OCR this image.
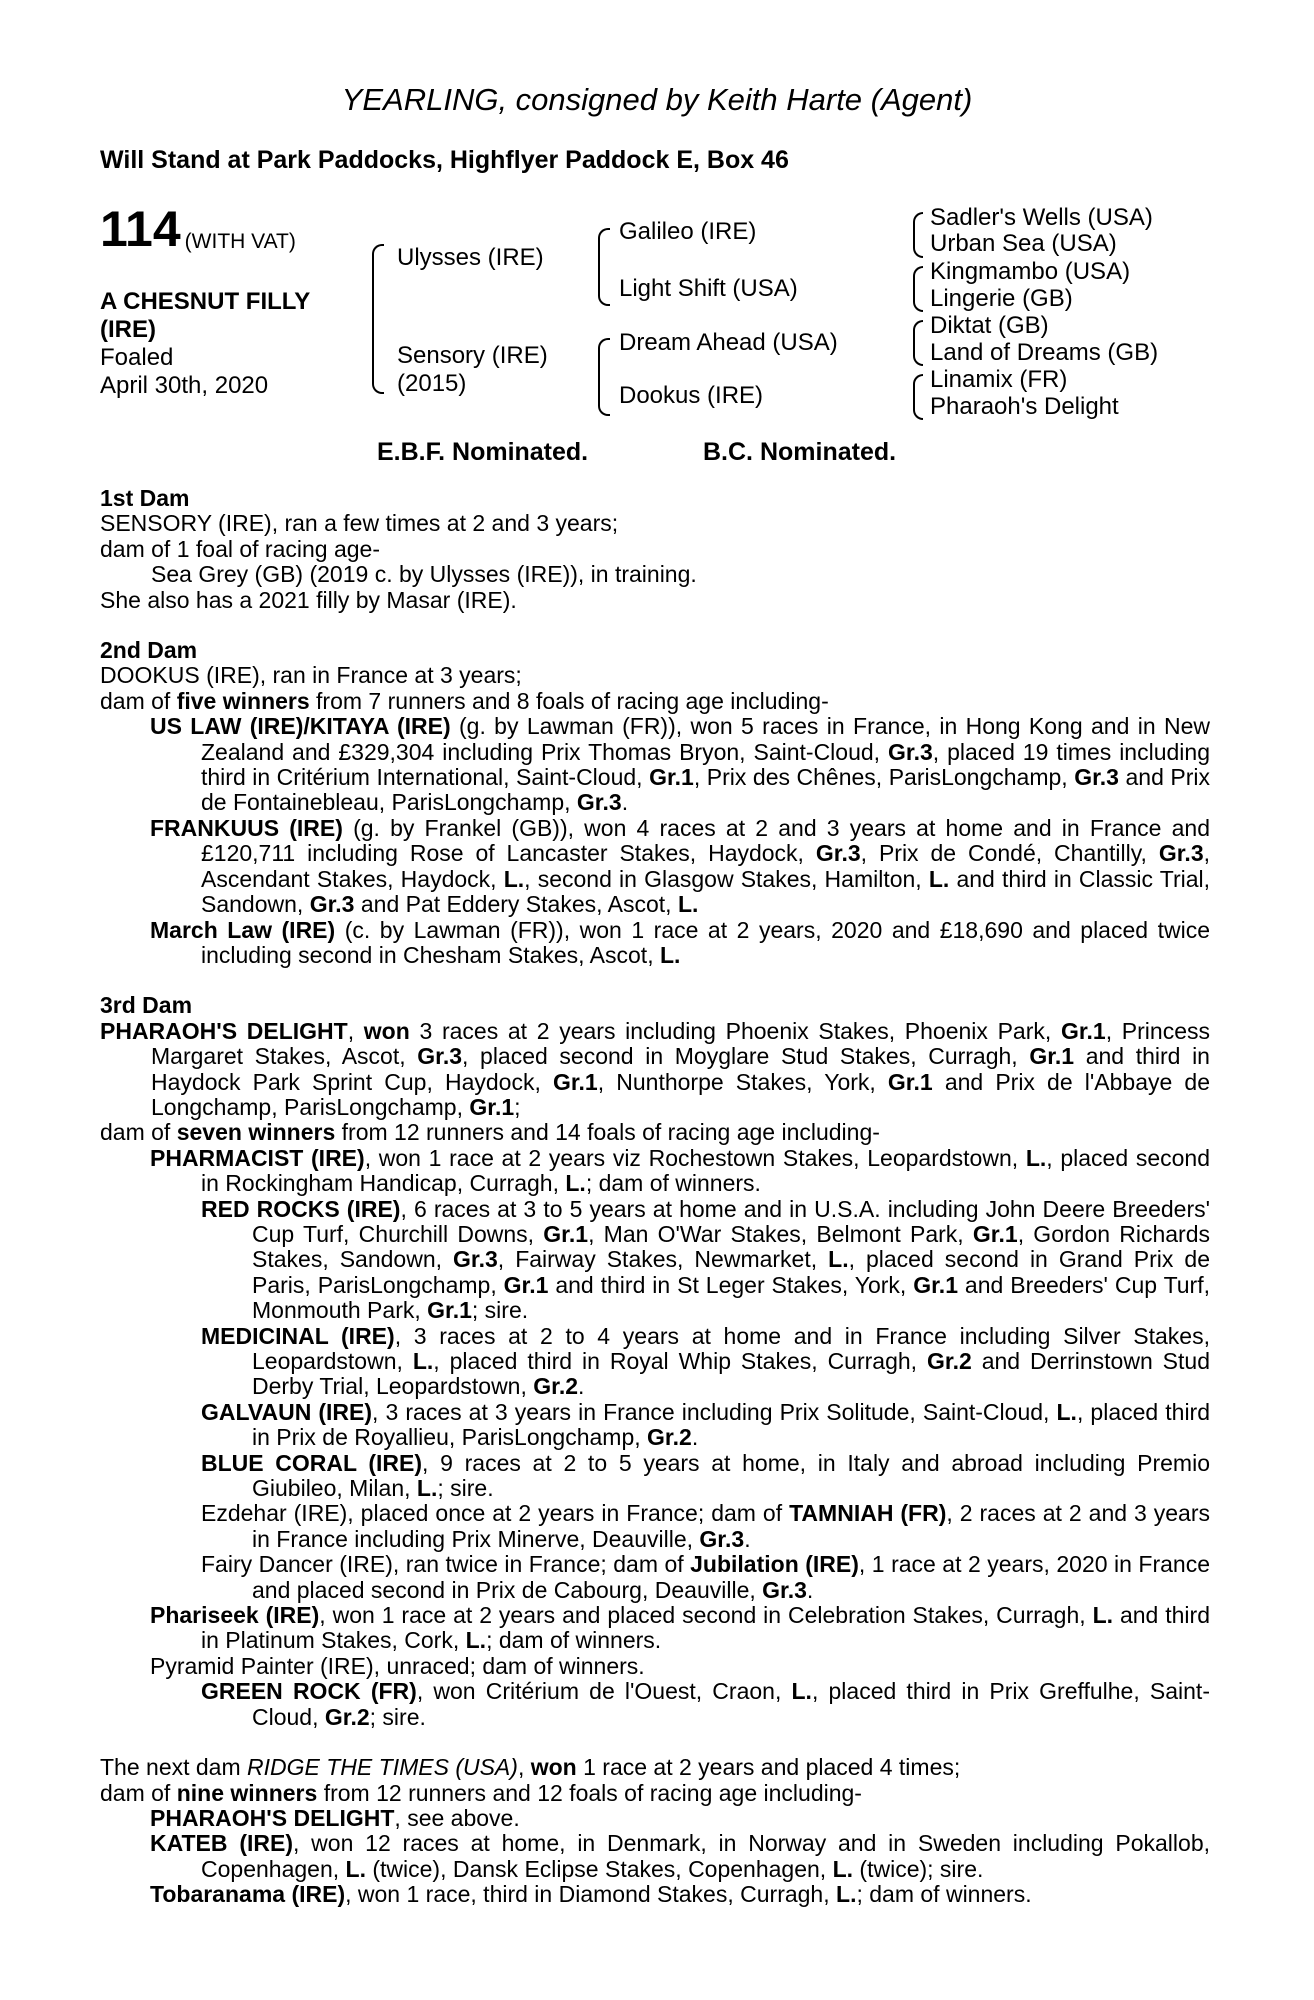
YEARLING, consigned by Keith Harte (Agent)
Will Stand at Park Paddocks, Highflyer Paddock E, Box 46
114 (WITH VAT)
A CHESNUT FILLY
(IRE)
Foaled
April 30th, 2020
Ulysses (IRE)
Sensory (IRE)
(2015)
Galileo (IRE)
Light Shift (USA)
Dream Ahead (USA)
Dookus (IRE)
Sadler's Wells (USA)
Urban Sea (USA)
Kingmambo (USA)
Lingerie (GB)
Diktat (GB)
Land of Dreams (GB)
Linamix (FR)
Pharaoh's Delight
E.B.F. Nominated.	B.C. Nominated.

1st Dam

SENSORY (IRE), ran a few times at 2 and 3 years;

dam of 1 foal of racing age-

Sea Grey (GB) (2019 c. by Ulysses (IRE)), in training.

She also has a 2021 filly by Masar (IRE).

2nd Dam

DOOKUS (IRE), ran in France at 3 years;

dam of five winners from 7 runners and 8 foals of racing age including-

US LAW (IRE)/KITAYA (IRE) (g. by Lawman (FR)), won 5 races in France, in Hong Kong and in New Zealand and £329,304 including Prix Thomas Bryon, Saint-Cloud, Gr.3, placed 19 times including third in Critérium International, Saint-Cloud, Gr.1, Prix des Chênes, ParisLongchamp, Gr.3 and Prix de Fontainebleau, ParisLongchamp, Gr.3.

FRANKUUS (IRE) (g. by Frankel (GB)), won 4 races at 2 and 3 years at home and in France and £120,711 including Rose of Lancaster Stakes, Haydock, Gr.3, Prix de Condé, Chantilly, Gr.3, Ascendant Stakes, Haydock, L., second in Glasgow Stakes, Hamilton, L. and third in Classic Trial, Sandown, Gr.3 and Pat Eddery Stakes, Ascot, L.

March Law (IRE) (c. by Lawman (FR)), won 1 race at 2 years, 2020 and £18,690 and placed twice including second in Chesham Stakes, Ascot, L.

3rd Dam

PHARAOH'S DELIGHT, won 3 races at 2 years including Phoenix Stakes, Phoenix Park, Gr.1, Princess Margaret Stakes, Ascot, Gr.3, placed second in Moyglare Stud Stakes, Curragh, Gr.1 and third in Haydock Park Sprint Cup, Haydock, Gr.1, Nunthorpe Stakes, York, Gr.1 and Prix de l'Abbaye de Longchamp, ParisLongchamp, Gr.1;

dam of seven winners from 12 runners and 14 foals of racing age including-

PHARMACIST (IRE), won 1 race at 2 years viz Rochestown Stakes, Leopardstown, L., placed second in Rockingham Handicap, Curragh, L.; dam of winners.

RED ROCKS (IRE), 6 races at 3 to 5 years at home and in U.S.A. including John Deere Breeders' Cup Turf, Churchill Downs, Gr.1, Man O'War Stakes, Belmont Park, Gr.1, Gordon Richards Stakes, Sandown, Gr.3, Fairway Stakes, Newmarket, L., placed second in Grand Prix de Paris, ParisLongchamp, Gr.1 and third in St Leger Stakes, York, Gr.1 and Breeders' Cup Turf, Monmouth Park, Gr.1; sire.

MEDICINAL (IRE), 3 races at 2 to 4 years at home and in France including Silver Stakes, Leopardstown, L., placed third in Royal Whip Stakes, Curragh, Gr.2 and Derrinstown Stud Derby Trial, Leopardstown, Gr.2.

GALVAUN (IRE), 3 races at 3 years in France including Prix Solitude, Saint-Cloud, L., placed third in Prix de Royallieu, ParisLongchamp, Gr.2.

BLUE CORAL (IRE), 9 races at 2 to 5 years at home, in Italy and abroad including Premio Giubileo, Milan, L.; sire.

Ezdehar (IRE), placed once at 2 years in France; dam of TAMNIAH (FR), 2 races at 2 and 3 years in France including Prix Minerve, Deauville, Gr.3.

Fairy Dancer (IRE), ran twice in France; dam of Jubilation (IRE), 1 race at 2 years, 2020 in France and placed second in Prix de Cabourg, Deauville, Gr.3.

Phariseek (IRE), won 1 race at 2 years and placed second in Celebration Stakes, Curragh, L. and third in Platinum Stakes, Cork, L.; dam of winners.

Pyramid Painter (IRE), unraced; dam of winners.

GREEN ROCK (FR), won Critérium de l'Ouest, Craon, L., placed third in Prix Greffulhe, Saint-Cloud, Gr.2; sire.

The next dam RIDGE THE TIMES (USA), won 1 race at 2 years and placed 4 times;

dam of nine winners from 12 runners and 12 foals of racing age including-

PHARAOH'S DELIGHT, see above.

KATEB (IRE), won 12 races at home, in Denmark, in Norway and in Sweden including Pokallob, Copenhagen, L. (twice), Dansk Eclipse Stakes, Copenhagen, L. (twice); sire.

Tobaranama (IRE), won 1 race, third in Diamond Stakes, Curragh, L.; dam of winners.
